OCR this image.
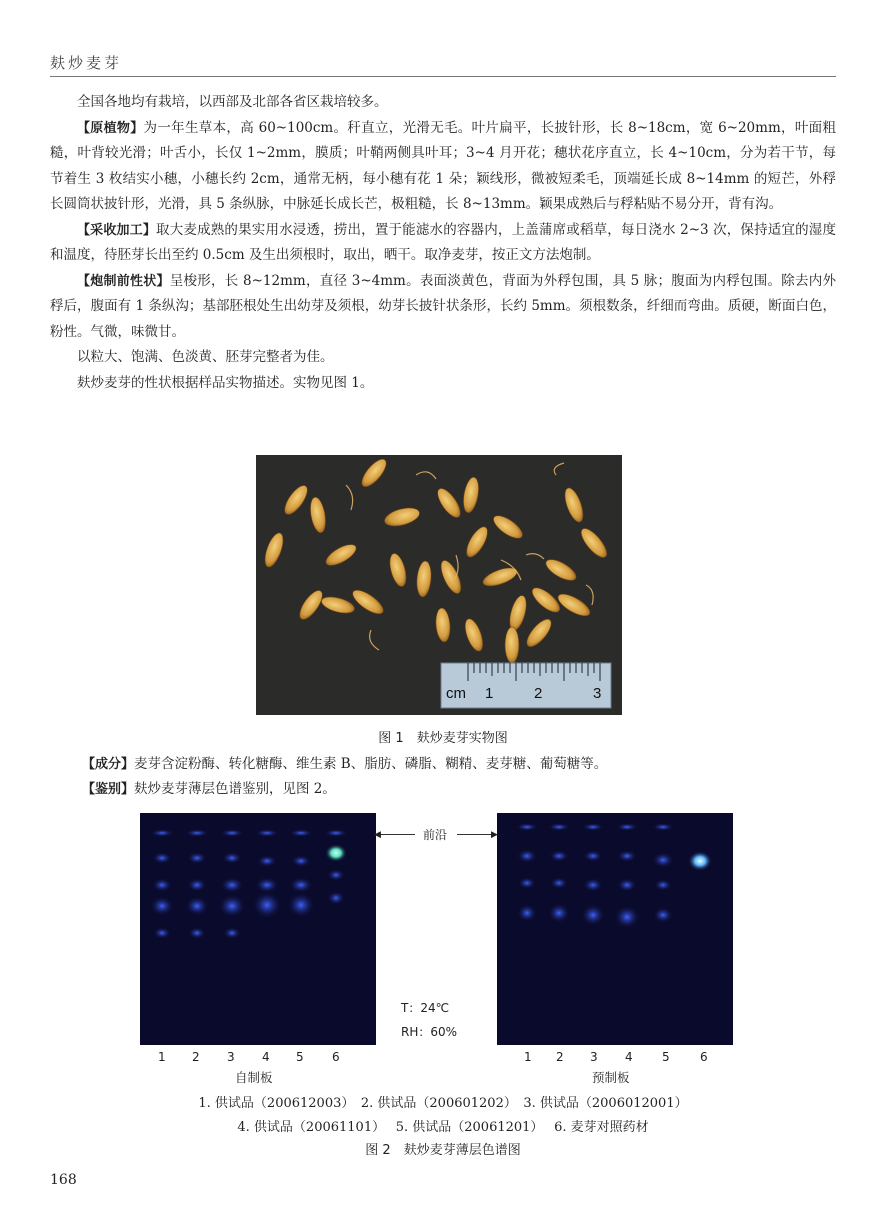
麸炒麦芽

全国各地均有栽培，以西部及北部各省区栽培较多。

【原植物】为一年生草本，高 60~100cm。秆直立，光滑无毛。叶片扁平，长披针形，长 8~18cm，宽 6~20mm，叶面粗糙，叶背较光滑；叶舌小，长仅 1~2mm，膜质；叶鞘两侧具叶耳；3~4 月开花；穗状花序直立，长 4~10cm，分为若干节，每节着生 3 枚结实小穗，小穗长约 2cm，通常无柄，每小穗有花 1 朵；颖线形，微被短柔毛，顶端延长成 8~14mm 的短芒，外稃长圆筒状披针形，光滑，具 5 条纵脉，中脉延长成长芒，极粗糙，长 8~13mm。颖果成熟后与稃粘贴不易分开，背有沟。

【采收加工】取大麦成熟的果实用水浸透，捞出，置于能滤水的容器内，上盖蒲席或稻草，每日浇水 2~3 次，保持适宜的湿度和温度，待胚芽长出至约 0.5cm 及生出须根时，取出，晒干。取净麦芽，按正文方法炮制。

【炮制前性状】呈梭形，长 8~12mm，直径 3~4mm。表面淡黄色，背面为外稃包围，具 5 脉；腹面为内稃包围。除去内外稃后，腹面有 1 条纵沟；基部胚根处生出幼芽及须根，幼芽长披针状条形，长约 5mm。须根数条，纤细而弯曲。质硬，断面白色，粉性。气微，味微甘。

以粒大、饱满、色淡黄、胚芽完整者为佳。

麸炒麦芽的性状根据样品实物描述。实物见图 1。

cm 1	2	3
图 1　麸炒麦芽实物图
【成分】麦芽含淀粉酶、转化糖酶、维生素 B、脂肪、磷脂、糊精、麦芽糖、葡萄糖等。
【鉴别】麸炒麦芽薄层色谱鉴别，见图 2。
◀	前沿	▶
T：24℃
RH：60%
1 2 3 4 5 6	1 2 3 4 5	6
自制板	预制板
1. 供试品（200612003）　2. 供试品（200601202）　3. 供试品（2006012001）
4. 供试品（20061101）　 5. 供试品（20061201）　 6. 麦芽对照药材
图 2　麸炒麦芽薄层色谱图
168
